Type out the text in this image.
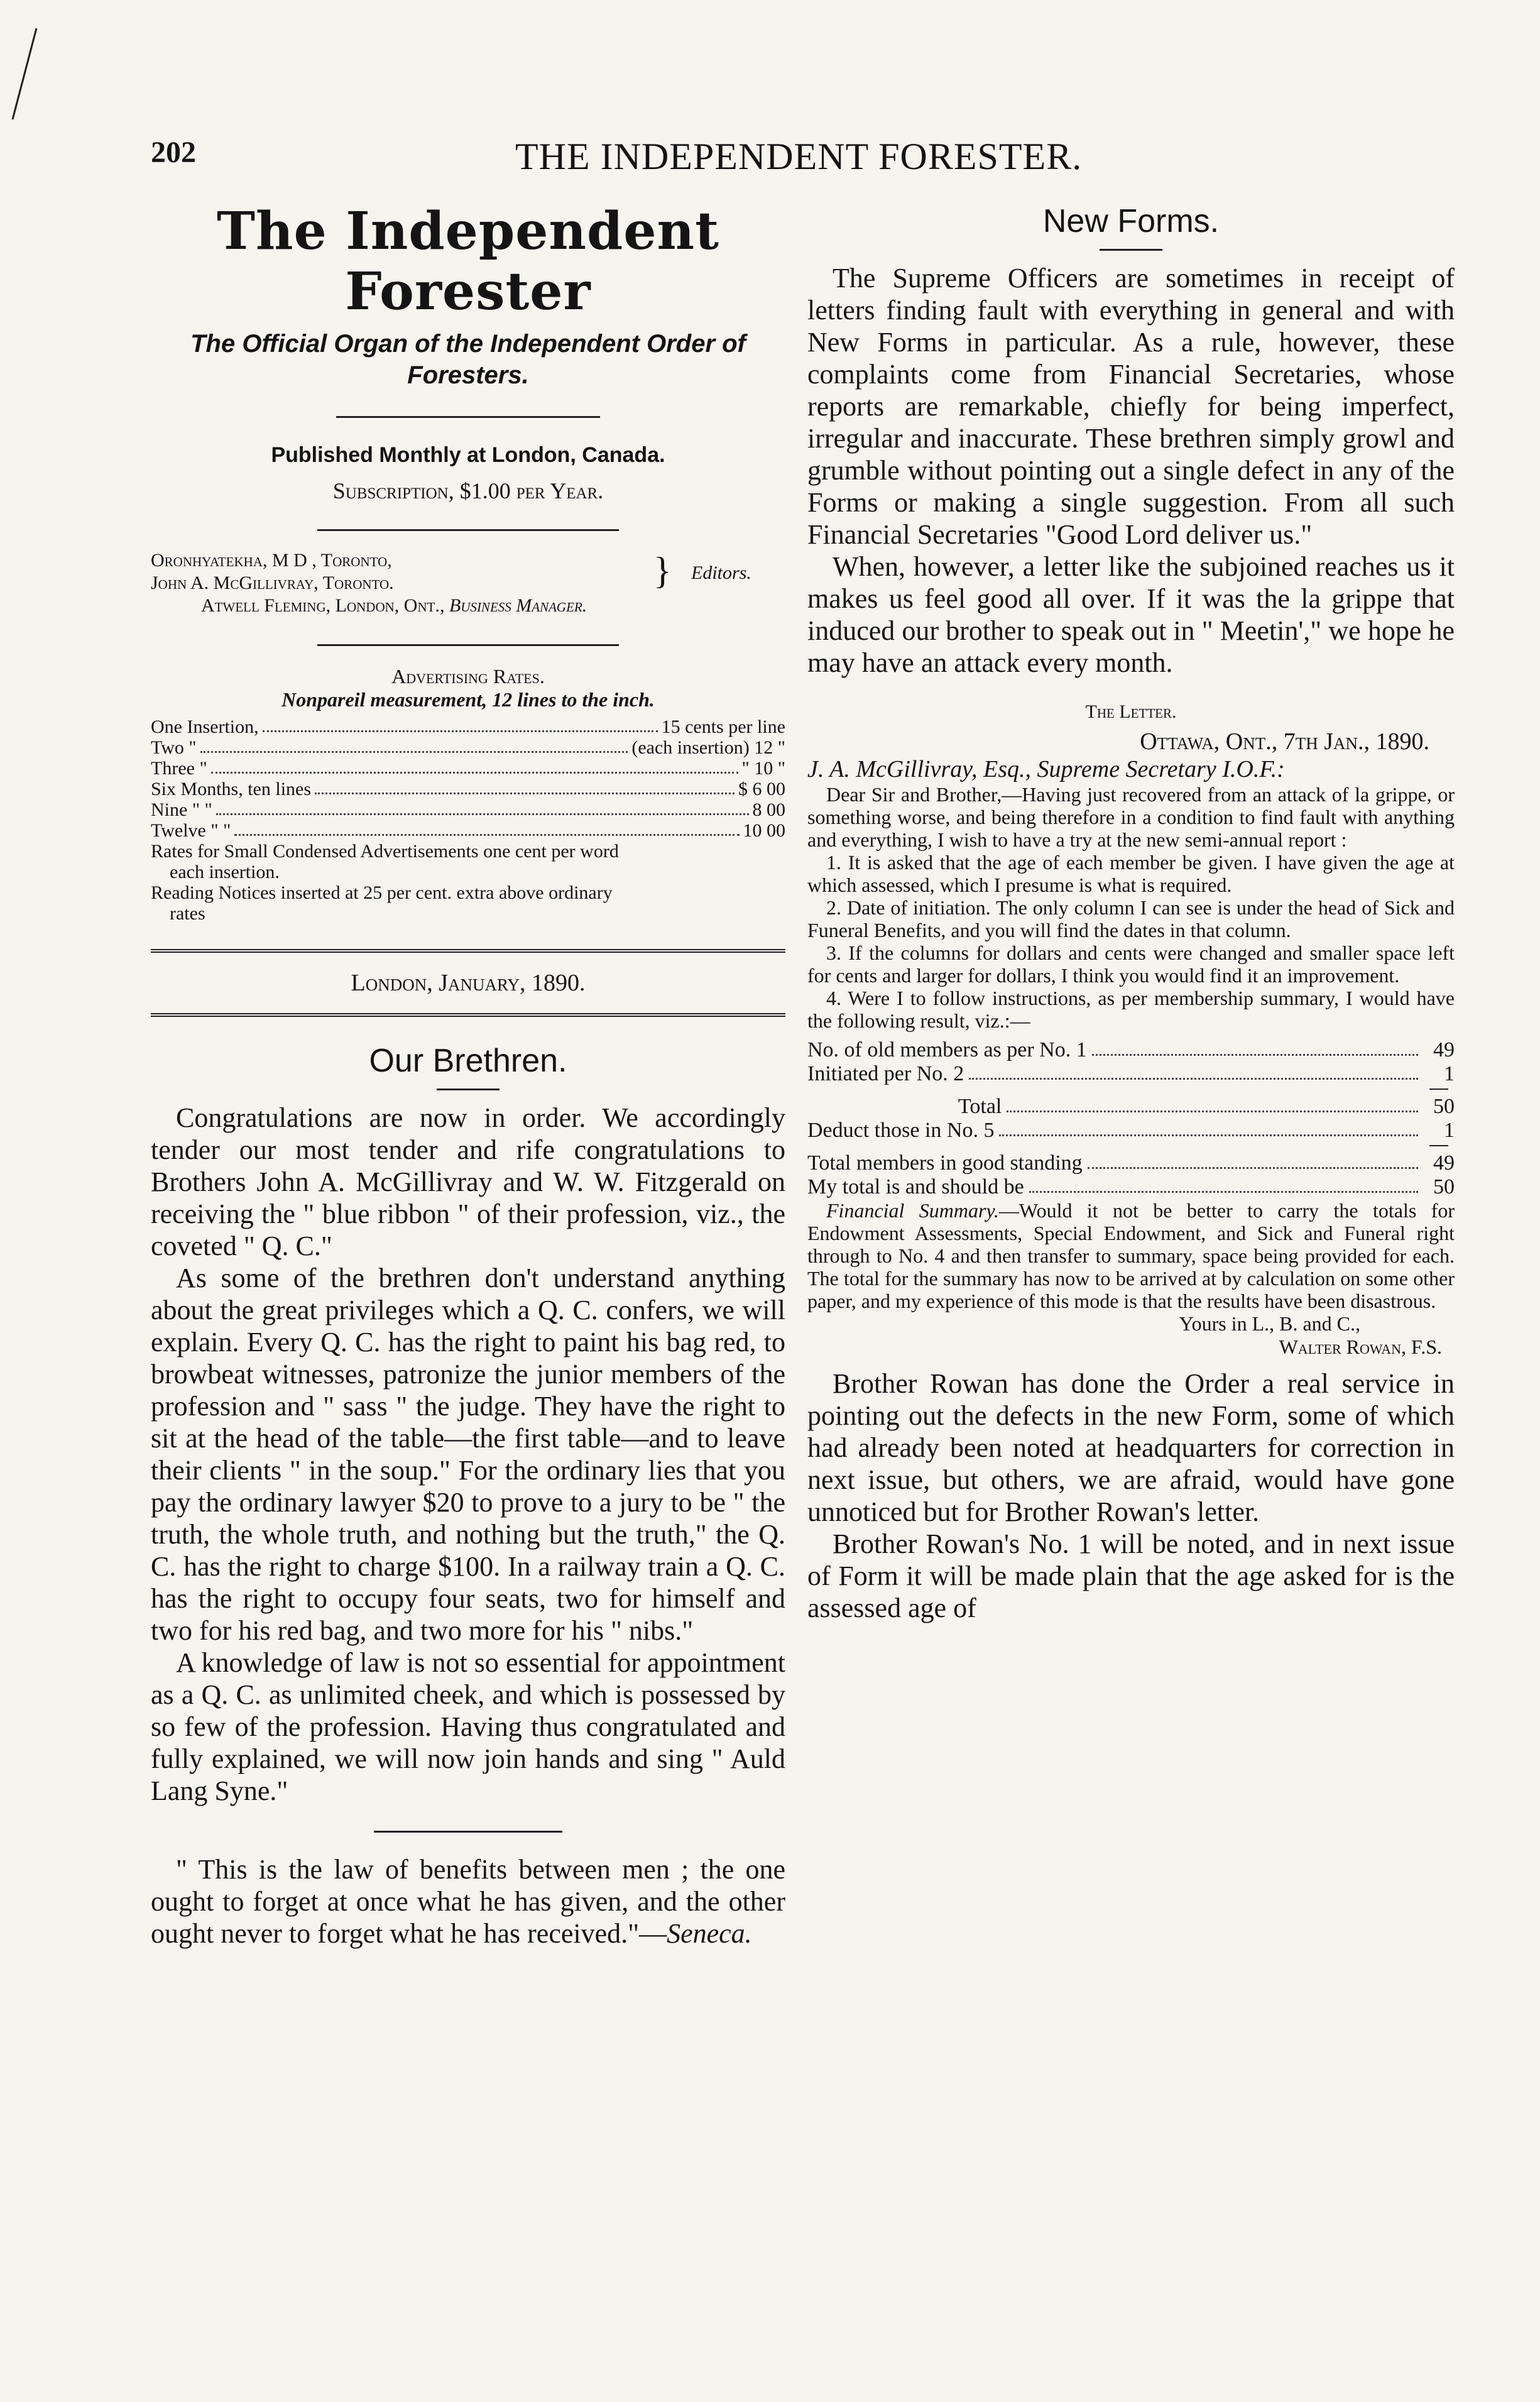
202	THE INDEPENDENT FORESTER.
The Independent Forester
The Official Organ of the Independent Order of Foresters.
Published Monthly at London, Canada.
Subscription, $1.00 per Year.
Oronhyatekha, M D , Toronto,
John A. McGillivray, Toronto.	} Editors.
Atwell Fleming, London, Ont., Business Manager.
Advertising Rates.
Nonpareil measurement, 12 lines to the inch.
One Insertion,	15 cents per line
Two "	(each insertion) 12 "
Three "	" 10 "
Six Months, ten lines	$ 6 00
Nine " "	8 00
Twelve " "	10 00
Rates for Small Condensed Advertisements one cent per word
each insertion.
Reading Notices inserted at 25 per cent. extra above ordinary
rates
London, January, 1890.
Our Brethren.

Congratulations are now in order. We accordingly tender our most tender and rife congratulations to Brothers John A. McGillivray and W. W. Fitzgerald on receiving the " blue ribbon " of their profession, viz., the coveted " Q. C."

As some of the brethren don't understand anything about the great privileges which a Q. C. confers, we will explain. Every Q. C. has the right to paint his bag red, to browbeat witnesses, patronize the junior members of the profession and " sass " the judge. They have the right to sit at the head of the table—the first table—and to leave their clients " in the soup." For the ordinary lies that you pay the ordinary lawyer $20 to prove to a jury to be " the truth, the whole truth, and nothing but the truth," the Q. C. has the right to charge $100. In a railway train a Q. C. has the right to occupy four seats, two for himself and two for his red bag, and two more for his " nibs."

A knowledge of law is not so essential for appointment as a Q. C. as unlimited cheek, and which is possessed by so few of the profession. Having thus congratulated and fully explained, we will now join hands and sing " Auld Lang Syne."

" This is the law of benefits between men ; the one ought to forget at once what he has given, and the other ought never to forget what he has received."—Seneca.
New Forms.

The Supreme Officers are sometimes in receipt of letters finding fault with everything in general and with New Forms in particular. As a rule, however, these complaints come from Financial Secretaries, whose reports are remarkable, chiefly for being imperfect, irregular and inaccurate. These brethren simply growl and grumble without pointing out a single defect in any of the Forms or making a single suggestion. From all such Financial Secretaries "Good Lord deliver us."

When, however, a letter like the subjoined reaches us it makes us feel good all over. If it was the la grippe that induced our brother to speak out in " Meetin'," we hope he may have an attack every month.

The Letter.
Ottawa, Ont., 7th Jan., 1890.
J. A. McGillivray, Esq., Supreme Secretary I.O.F.:

Dear Sir and Brother,—Having just recovered from an attack of la grippe, or something worse, and being therefore in a condition to find fault with anything and everything, I wish to have a try at the new semi-annual report :

1. It is asked that the age of each member be given. I have given the age at which assessed, which I presume is what is required.

2. Date of initiation. The only column I can see is under the head of Sick and Funeral Benefits, and you will find the dates in that column.

3. If the columns for dollars and cents were changed and smaller space left for cents and larger for dollars, I think you would find it an improvement.

4. Were I to follow instructions, as per membership summary, I would have the following result, viz.:—

No. of old members as per No. 1	49
Initiated per No. 2	1
Total	50
Deduct those in No. 5	1
Total members in good standing	49
My total is and should be	50
Financial Summary.—Would it not be better to carry the totals for Endowment Assessments, Special Endowment, and Sick and Funeral right through to No. 4 and then transfer to summary, space being provided for each. The total for the summary has now to be arrived at by calculation on some other paper, and my experience of this mode is that the results have been disastrous.
Yours in L., B. and C.,
Walter Rowan, F.S.

Brother Rowan has done the Order a real service in pointing out the defects in the new Form, some of which had already been noted at headquarters for correction in next issue, but others, we are afraid, would have gone unnoticed but for Brother Rowan's letter.

Brother Rowan's No. 1 will be noted, and in next issue of Form it will be made plain that the age asked for is the assessed age of
